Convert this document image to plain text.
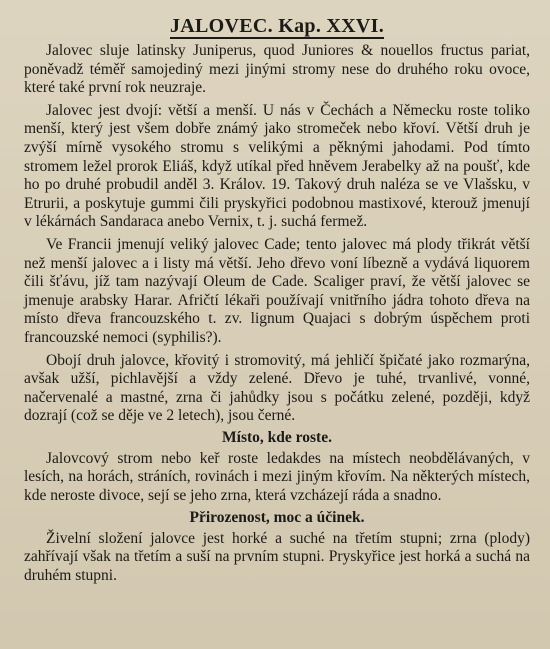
JALOVEC. Kap. XXVI.

Jalovec sluje latinsky Juniperus, quod Juniores & nouellos fructus pariat, poněvadž téměř samojediný mezi jinými stromy nese do druhého roku ovoce, které také první rok neuzraje.

Jalovec jest dvojí: větší a menší. U nás v Čechách a Německu roste toliko menší, který jest všem dobře známý jako stromeček nebo křoví. Větší druh je zvýší mírně vysokého stromu s velikými a pěknými jahodami. Pod tímto stromem ležel prorok Eliáš, když utíkal před hněvem Jerabelky až na poušť, kde ho po druhé probudil anděl 3. Králov. 19. Takový druh naléza se ve Vlašsku, v Etrurii, a poskytuje gummi čili pryskyřici podobnou mastixové, kterouž jmenují v lékárnách Sandaraca anebo Vernix, t. j. suchá fermež.

Ve Francii jmenují veliký jalovec Cade; tento jalovec má plody třikrát větší než menší jalovec a i listy má větší. Jeho dřevo voní líbezně a vydává liquorem čili šťávu, jíž tam nazývají Oleum de Cade. Scaliger praví, že větší jalovec se jmenuje arabsky Harar. Afričtí lékaři používají vnitřního jádra tohoto dřeva na místo dřeva francouzského t. zv. lignum Quajaci s dobrým úspěchem proti francouzské nemoci (syphilis?).

Obojí druh jalovce, křovitý i stromovitý, má jehličí špičaté jako rozmarýna, avšak užší, pichlavější a vždy zelené. Dřevo je tuhé, trvanlivé, vonné, načervenalé a mastné, zrna či jahůdky jsou s počátku zelené, později, když dozrají (což se děje ve 2 letech), jsou černé.

Místo, kde roste.

Jalovcový strom nebo keř roste ledakdes na místech neobdělávaných, v lesích, na horách, stráních, rovinách i mezi jiným křovím. Na některých místech, kde neroste divoce, sejí se jeho zrna, která vzcházejí ráda a snadno.

Přirozenost, moc a účinek.

Živelní složení jalovce jest horké a suché na třetím stupni; zrna (plody) zahřívají však na třetím a suší na prvním stupni. Pryskyřice jest horká a suchá na druhém stupni.
